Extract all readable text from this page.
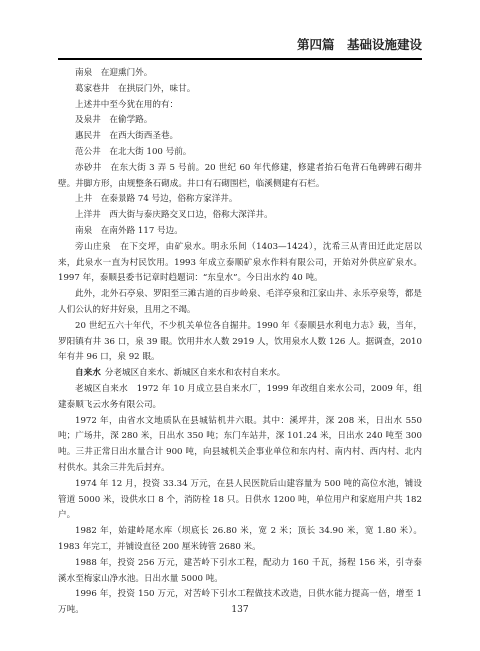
第四篇　基础设施建设

南泉　在迎熏门外。

葛家巷井　在拱辰门外，味甘。

上述井中至今犹在用的有：

及泉井　在偷学路。

惠民井　在西大街西圣巷。

范公井　在北大街 100 号前。

赤砂井　在东大街 3 弄 5 号前。20 世纪 60 年代修建，修建者抬石龟背石龟碑碑石砌井壁。井脚方形，由规整条石砌成。井口有石砌围栏，临溪侧建有石栏。

上井　在泰景路 74 号边，俗称方家洋井。

上洋井　西大街与泰庆路交叉口边，俗称大深洋井。

南泉　在南外路 117 号边。

旁山庄泉　在下交坪，由矿泉水。明永乐间（1403—1424），沈希三从青田迁此定居以来，此泉水一直为村民饮用。1993 年成立泰顺矿泉水作料有限公司，开始对外供应矿泉水。1997 年，泰顺县委书记章时趋题词：“东皇水”。今日出水约 40 吨。

此外，北外石亭泉、罗阳至三滩古道的百步岭泉、毛洋亭泉和江家山井、永乐亭泉等，都是人们公认的好井好泉，且用之不竭。

20 世纪五六十年代，不少机关单位各自掘井。1990 年《泰顺县水利电力志》载，当年，罗阳镇有井 36 口，泉 39 眼。饮用井水人数 2919 人，饮用泉水人数 126 人。据调查，2010 年有井 96 口，泉 92 眼。

自来水 分老城区自来水、新城区自来水和农村自来水。

老城区自来水　1972 年 10 月成立县自来水厂，1999 年改组自来水公司，2009 年，组建泰顺飞云水务有限公司。

1972 年，由省水文地质队在县城钻机井六眼。其中：溪坪井，深 208 米，日出水 550 吨；广场井，深 280 米，日出水 350 吨；东门车站井，深 101.24 米，日出水 240 吨至 300 吨。三井正常日出水量合计 900 吨，向县城机关企事业单位和东内村、南内村、西内村、北内村供水。其余三井先后封弃。

1974 年 12 月，投资 33.34 万元，在县人民医院后山建容量为 500 吨的高位水池，铺设管道 5000 米，设供水口 8 个，消防栓 18 只。日供水 1200 吨，单位用户和家庭用户共 182 户。

1982 年，始建岭尾水库（坝底长 26.80 米，宽 2 米；顶长 34.90 米，宽 1.80 米）。1983 年完工，并铺设直径 200 厘米铸管 2680 米。

1988 年，投资 256 万元，建苦岭下引水工程，配动力 160 千瓦，扬程 156 米，引寺泰溪水至梅家山净水池。日出水量 5000 吨。

1996 年，投资 150 万元，对苦岭下引水工程做技术改造，日供水能力提高一倍，增至 1 万吨。	137
